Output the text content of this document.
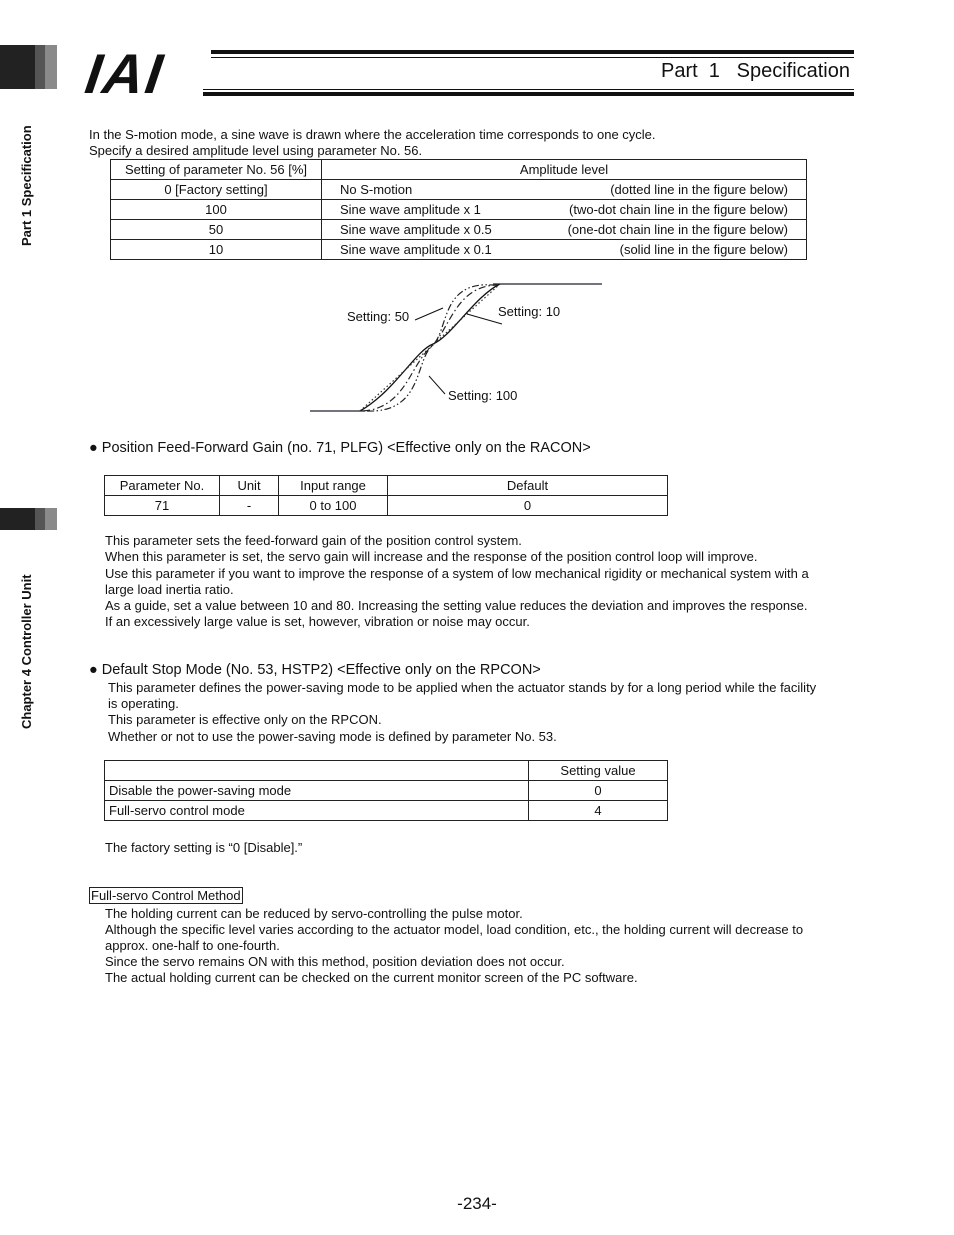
IAI	Part  1   Specification
Part 1 Specification
Chapter 4 Controller Unit

In the S-motion mode, a sine wave is drawn where the acceleration time corresponds to one cycle.

Specify a desired amplitude level using parameter No. 56.

Setting of parameter No. 56 [%]	Amplitude level	
0 [Factory setting]	No S-motion	(dotted line in the figure below)
100	Sine wave amplitude x 1	(two-dot chain line in the figure below)
50	Sine wave amplitude x 0.5	(one-dot chain line in the figure below)
10	Sine wave amplitude x 0.1	(solid line in the figure below)
Setting: 50	Setting: 10
Setting: 100
● Position Feed-Forward Gain (no. 71, PLFG) <Effective only on the RACON>
Parameter No.	Unit	Input range	Default
71	-	0 to 100	0

This parameter sets the feed-forward gain of the position control system.

When this parameter is set, the servo gain will increase and the response of the position control loop will improve.

Use this parameter if you want to improve the response of a system of low mechanical rigidity or mechanical system with a

large load inertia ratio.

As a guide, set a value between 10 and 80. Increasing the setting value reduces the deviation and improves the response.

If an excessively large value is set, however, vibration or noise may occur.

● Default Stop Mode (No. 53, HSTP2) <Effective only on the RPCON>

This parameter defines the power-saving mode to be applied when the actuator stands by for a long period while the facility

is operating.

This parameter is effective only on the RPCON.

Whether or not to use the power-saving mode is defined by parameter No. 53.

	Setting value
Disable the power-saving mode	0
Full-servo control mode	4

The factory setting is “0 [Disable].”

Full-servo Control Method

The holding current can be reduced by servo-controlling the pulse motor.

Although the specific level varies according to the actuator model, load condition, etc., the holding current will decrease to

approx. one-half to one-fourth.

Since the servo remains ON with this method, position deviation does not occur.

The actual holding current can be checked on the current monitor screen of the PC software.

-234-
